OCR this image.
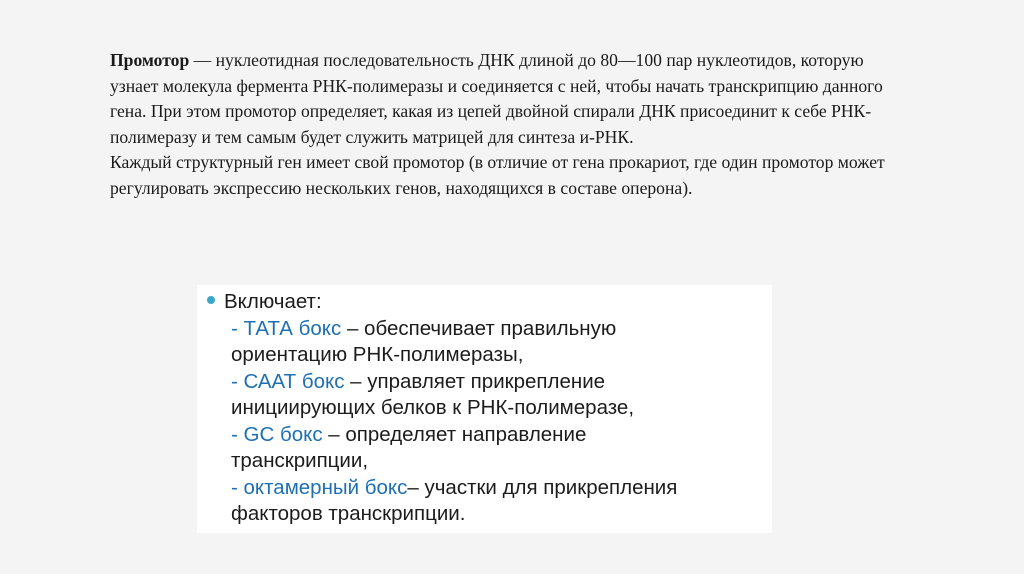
Промотор — нуклеотидная последовательность ДНК длиной до 80—100 пар нуклеотидов, которую узнает молекула фермента РНК-полимеразы и соединяется с ней, чтобы начать транскрипцию данного гена. При этом промотор определяет, какая из цепей двойной спирали ДНК присоединит к себе РНК-полимеразу и тем самым будет служить матрицей для синтеза и-РНК.

Каждый структурный ген имеет свой промотор (в отличие от гена прокариот, где один промотор может регулировать экспрессию нескольких генов, находящихся в составе оперона).

Включает:
- ТАТА бокс – обеспечивает правильную
ориентацию РНК-полимеразы,
- СААТ бокс – управляет прикрепление
инициирующих белков к РНК-полимеразе,
- GC бокс – определяет направление
транскрипции,
- октамерный бокс– участки для прикрепления
факторов транскрипции.
